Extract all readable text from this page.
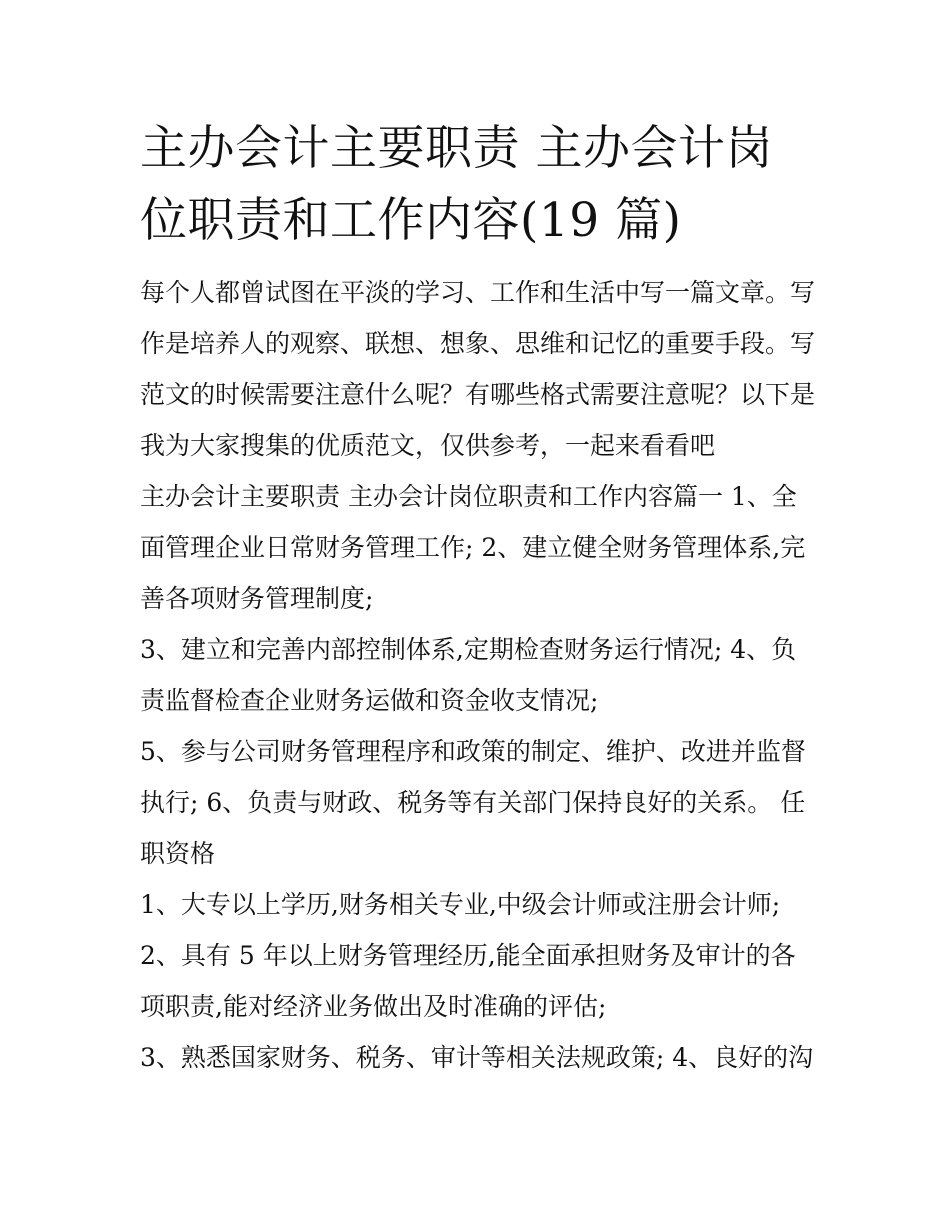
主办会计主要职责 主办会计岗位职责和工作内容(19 篇)

每个人都曾试图在平淡的学习、工作和生活中写一篇文章。写作是培养人的观察、联想、想象、思维和记忆的重要手段。写范文的时候需要注意什么呢？有哪些格式需要注意呢？以下是我为大家搜集的优质范文，仅供参考，一起来看看吧

主办会计主要职责 主办会计岗位职责和工作内容篇一 1、全面管理企业日常财务管理工作; 2、建立健全财务管理体系,完善各项财务管理制度;

3、建立和完善内部控制体系,定期检查财务运行情况; 4、负责监督检查企业财务运做和资金收支情况;

5、参与公司财务管理程序和政策的制定、维护、改进并监督执行; 6、负责与财政、税务等有关部门保持良好的关系。 任职资格

1、大专以上学历,财务相关专业,中级会计师或注册会计师; 2、具有 5 年以上财务管理经历,能全面承担财务及审计的各项职责,能对经济业务做出及时准确的评估;

3、熟悉国家财务、税务、审计等相关法规政策; 4、良好的沟
